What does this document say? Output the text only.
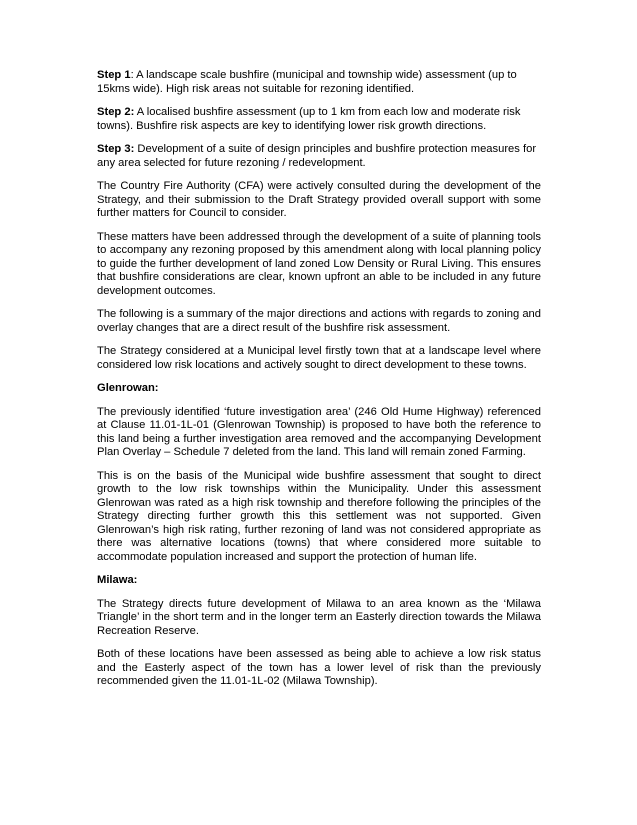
Step 1: A landscape scale bushfire (municipal and township wide) assessment (up to 15kms wide). High risk areas not suitable for rezoning identified.

Step 2: A localised bushfire assessment (up to 1 km from each low and moderate risk towns). Bushfire risk aspects are key to identifying lower risk growth directions.

Step 3: Development of a suite of design principles and bushfire protection measures for any area selected for future rezoning / redevelopment.

The Country Fire Authority (CFA) were actively consulted during the development of the Strategy, and their submission to the Draft Strategy provided overall support with some further matters for Council to consider.

These matters have been addressed through the development of a suite of planning tools to accompany any rezoning proposed by this amendment along with local planning policy to guide the further development of land zoned Low Density or Rural Living. This ensures that bushfire considerations are clear, known upfront an able to be included in any future development outcomes.

The following is a summary of the major directions and actions with regards to zoning and overlay changes that are a direct result of the bushfire risk assessment.

The Strategy considered at a Municipal level firstly town that at a landscape level where considered low risk locations and actively sought to direct development to these towns.

Glenrowan:

The previously identified ‘future investigation area’ (246 Old Hume Highway) referenced at Clause 11.01-1L-01 (Glenrowan Township) is proposed to have both the reference to this land being a further investigation area removed and the accompanying Development Plan Overlay – Schedule 7 deleted from the land. This land will remain zoned Farming.

This is on the basis of the Municipal wide bushfire assessment that sought to direct growth to the low risk townships within the Municipality. Under this assessment Glenrowan was rated as a high risk township and therefore following the principles of the Strategy directing further growth this this settlement was not supported. Given Glenrowan’s high risk rating, further rezoning of land was not considered appropriate as there was alternative locations (towns) that where considered more suitable to accommodate population increased and support the protection of human life.

Milawa:

The Strategy directs future development of Milawa to an area known as the ‘Milawa Triangle’ in the short term and in the longer term an Easterly direction towards the Milawa Recreation Reserve.

Both of these locations have been assessed as being able to achieve a low risk status and the Easterly aspect of the town has a lower level of risk than the previously recommended given the 11.01-1L-02 (Milawa Township).
